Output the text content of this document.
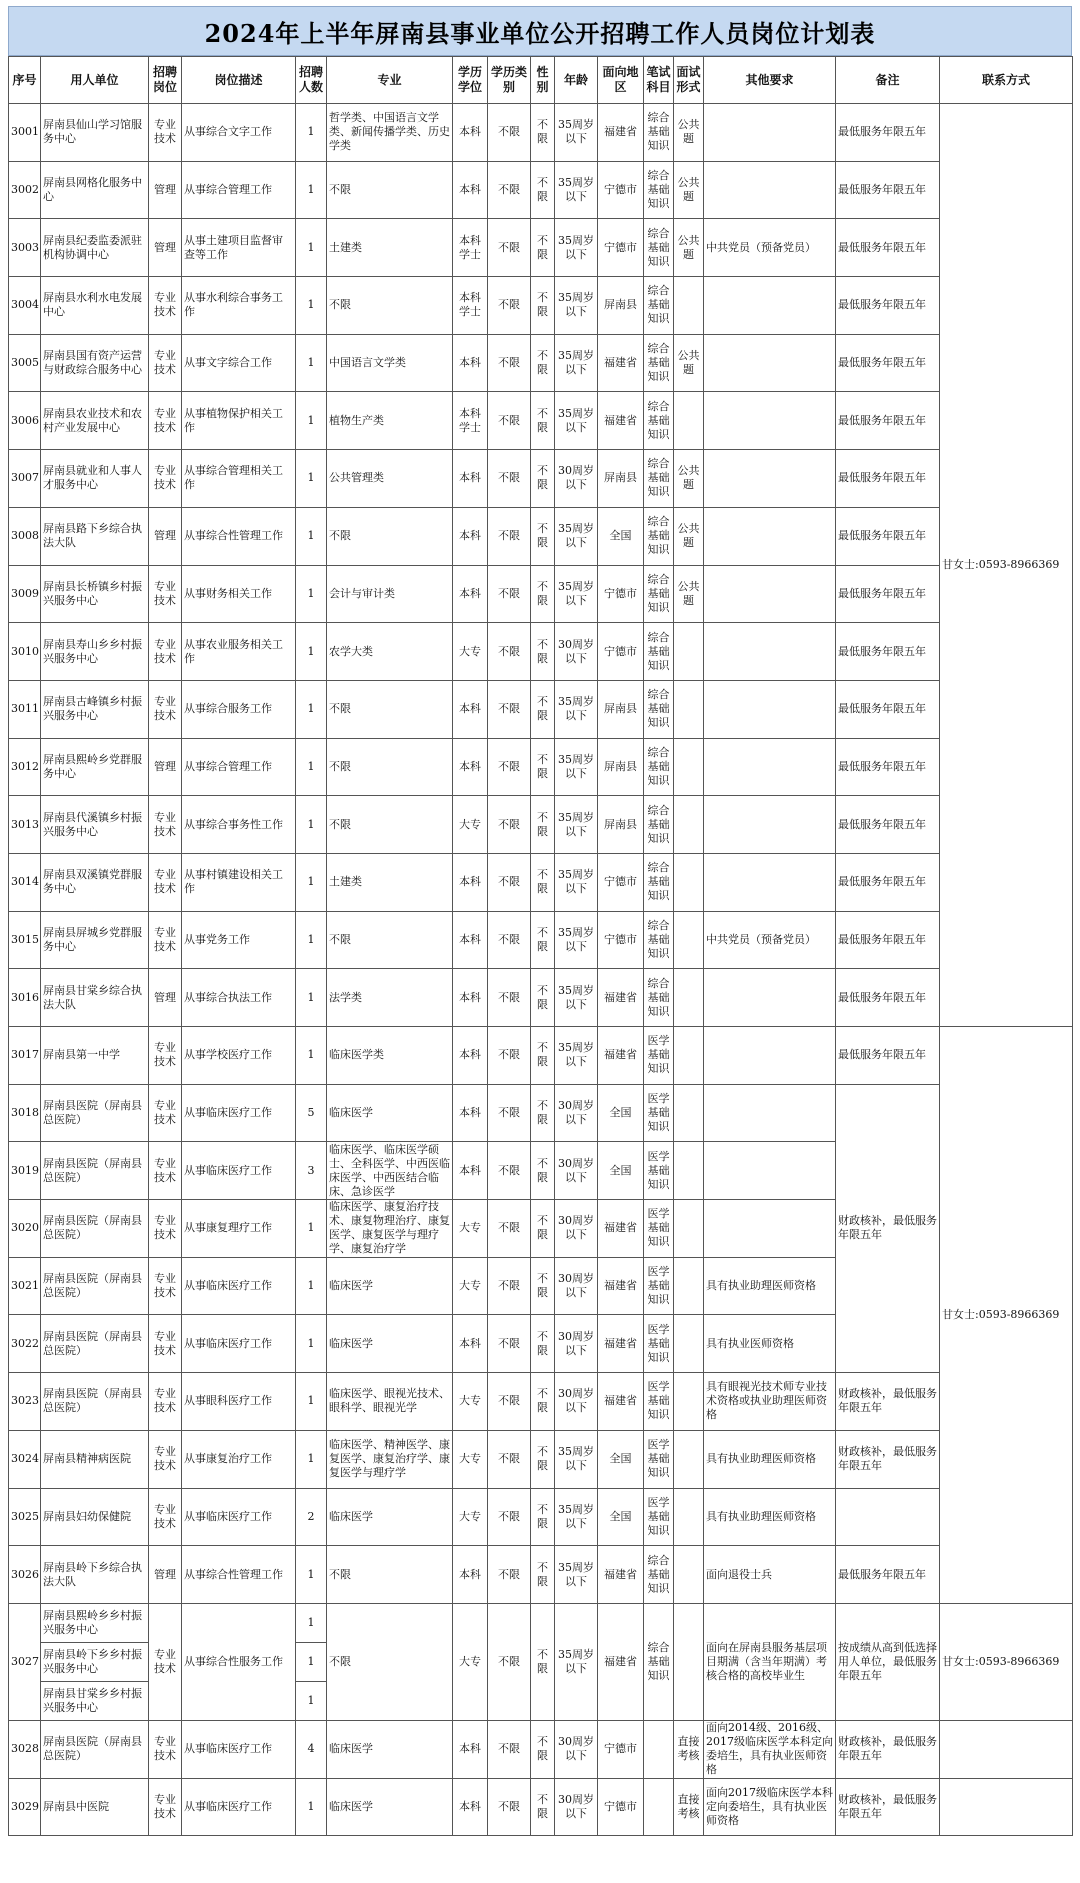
2024年上半年屏南县事业单位公开招聘工作人员岗位计划表
序号	用人单位	招聘岗位	岗位描述	招聘人数	专业	学历学位	学历类别	性别	年龄	面向地区	笔试科目	面试形式	其他要求	备注	联系方式
3001	屏南县仙山学习馆服务中心	专业技术	从事综合文字工作	1	哲学类、中国语言文学类、新闻传播学类、历史学类	本科	不限	不限	35周岁以下	福建省	综合基础知识	公共题		最低服务年限五年	甘女士:0593-8966369
3002	屏南县网格化服务中心	管理	从事综合管理工作	1	不限	本科	不限	不限	35周岁以下	宁德市	综合基础知识	公共题		最低服务年限五年	
3003	屏南县纪委监委派驻机构协调中心	管理	从事土建项目监督审查等工作	1	土建类	本科学士	不限	不限	35周岁以下	宁德市	综合基础知识	公共题	中共党员（预备党员）	最低服务年限五年	
3004	屏南县水利水电发展中心	专业技术	从事水利综合事务工作	1	不限	本科学士	不限	不限	35周岁以下	屏南县	综合基础知识			最低服务年限五年	
3005	屏南县国有资产运营与财政综合服务中心	专业技术	从事文字综合工作	1	中国语言文学类	本科	不限	不限	35周岁以下	福建省	综合基础知识	公共题		最低服务年限五年	
3006	屏南县农业技术和农村产业发展中心	专业技术	从事植物保护相关工作	1	植物生产类	本科学士	不限	不限	35周岁以下	福建省	综合基础知识			最低服务年限五年	
3007	屏南县就业和人事人才服务中心	专业技术	从事综合管理相关工作	1	公共管理类	本科	不限	不限	30周岁以下	屏南县	综合基础知识	公共题		最低服务年限五年	
3008	屏南县路下乡综合执法大队	管理	从事综合性管理工作	1	不限	本科	不限	不限	35周岁以下	全国	综合基础知识	公共题		最低服务年限五年	
3009	屏南县长桥镇乡村振兴服务中心	专业技术	从事财务相关工作	1	会计与审计类	本科	不限	不限	35周岁以下	宁德市	综合基础知识	公共题		最低服务年限五年	
3010	屏南县寿山乡乡村振兴服务中心	专业技术	从事农业服务相关工作	1	农学大类	大专	不限	不限	30周岁以下	宁德市	综合基础知识			最低服务年限五年	
3011	屏南县古峰镇乡村振兴服务中心	专业技术	从事综合服务工作	1	不限	本科	不限	不限	35周岁以下	屏南县	综合基础知识			最低服务年限五年	
3012	屏南县熙岭乡党群服务中心	管理	从事综合管理工作	1	不限	本科	不限	不限	35周岁以下	屏南县	综合基础知识			最低服务年限五年	
3013	屏南县代溪镇乡村振兴服务中心	专业技术	从事综合事务性工作	1	不限	大专	不限	不限	35周岁以下	屏南县	综合基础知识			最低服务年限五年	
3014	屏南县双溪镇党群服务中心	专业技术	从事村镇建设相关工作	1	土建类	本科	不限	不限	35周岁以下	宁德市	综合基础知识			最低服务年限五年	
3015	屏南县屏城乡党群服务中心	专业技术	从事党务工作	1	不限	本科	不限	不限	35周岁以下	宁德市	综合基础知识		中共党员（预备党员）	最低服务年限五年	
3016	屏南县甘棠乡综合执法大队	管理	从事综合执法工作	1	法学类	本科	不限	不限	35周岁以下	福建省	综合基础知识			最低服务年限五年	
3017	屏南县第一中学	专业技术	从事学校医疗工作	1	临床医学类	本科	不限	不限	35周岁以下	福建省	医学基础知识			最低服务年限五年	甘女士:0593-8966369
3018	屏南县医院（屏南县总医院）	专业技术	从事临床医疗工作	5	临床医学	本科	不限	不限	30周岁以下	全国	医学基础知识			财政核补，最低服务年限五年	
3019	屏南县医院（屏南县总医院）	专业技术	从事临床医疗工作	3	临床医学、临床医学硕士、全科医学、中西医临床医学、中西医结合临床、急诊医学	本科	不限	不限	30周岁以下	全国	医学基础知识				
3020	屏南县医院（屏南县总医院）	专业技术	从事康复理疗工作	1	临床医学、康复治疗技术、康复物理治疗、康复医学、康复医学与理疗学、康复治疗学	大专	不限	不限	30周岁以下	福建省	医学基础知识				
3021	屏南县医院（屏南县总医院）	专业技术	从事临床医疗工作	1	临床医学	大专	不限	不限	30周岁以下	福建省	医学基础知识		具有执业助理医师资格		
3022	屏南县医院（屏南县总医院）	专业技术	从事临床医疗工作	1	临床医学	本科	不限	不限	30周岁以下	福建省	医学基础知识		具有执业医师资格		
3023	屏南县医院（屏南县总医院）	专业技术	从事眼科医疗工作	1	临床医学、眼视光技术、眼科学、眼视光学	大专	不限	不限	30周岁以下	福建省	医学基础知识		具有眼视光技术师专业技术资格或执业助理医师资格	财政核补，最低服务年限五年	
3024	屏南县精神病医院	专业技术	从事康复治疗工作	1	临床医学、精神医学、康复医学、康复治疗学、康复医学与理疗学	大专	不限	不限	35周岁以下	全国	医学基础知识		具有执业助理医师资格	财政核补，最低服务年限五年	
3025	屏南县妇幼保健院	专业技术	从事临床医疗工作	2	临床医学	大专	不限	不限	35周岁以下	全国	医学基础知识		具有执业助理医师资格		
3026	屏南县岭下乡综合执法大队	管理	从事综合性管理工作	1	不限	本科	不限	不限	35周岁以下	福建省	综合基础知识		面向退役士兵	最低服务年限五年	
3027	屏南县熙岭乡乡村振兴服务中心	专业技术	从事综合性服务工作	1	不限	大专	不限	不限	35周岁以下	福建省	综合基础知识		面向在屏南县服务基层项目期满（含当年期满）考核合格的高校毕业生	按成绩从高到低选择用人单位，最低服务年限五年	甘女士:0593-8966369
	屏南县岭下乡乡村振兴服务中心			1											
	屏南县甘棠乡乡村振兴服务中心			1											
3028	屏南县医院（屏南县总医院）	专业技术	从事临床医疗工作	4	临床医学	本科	不限	不限	30周岁以下	宁德市		直接考核	面向2014级、2016级、2017级临床医学本科定向委培生，具有执业医师资格	财政核补，最低服务年限五年	
3029	屏南县中医院	专业技术	从事临床医疗工作	1	临床医学	本科	不限	不限	30周岁以下	宁德市		直接考核	面向2017级临床医学本科定向委培生，具有执业医师资格	财政核补，最低服务年限五年	
